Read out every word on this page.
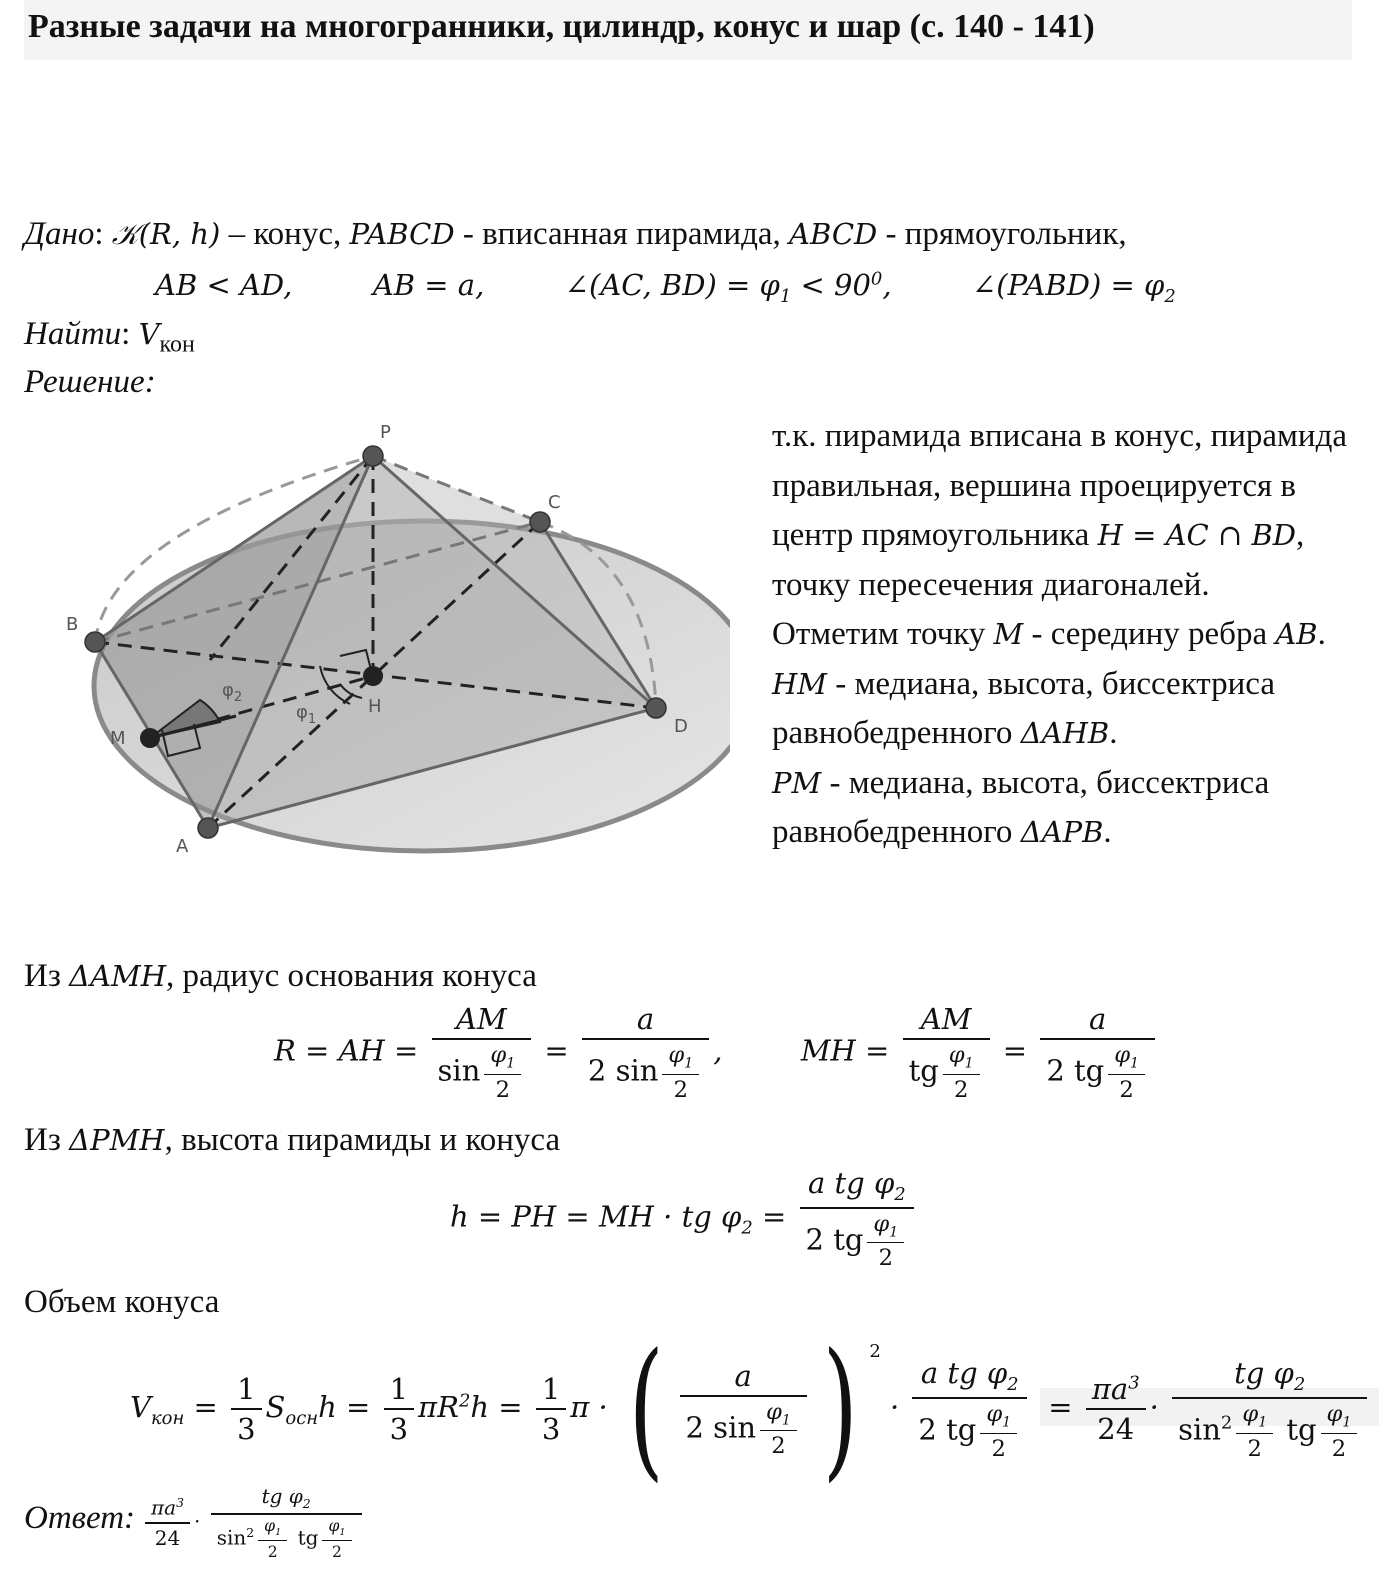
Разные задачи на многогранники, цилиндр, конус и шар (с. 140 - 141)
Дано: 𝒦(R, h) – конус, PABCD - вписанная пирамида, ABCD - прямоугольник,
AB < AD,	AB = a,	∠(AC, $BD) = \varphi_1 < 90^0$,	∠(PABD) = $\varphi_2$
Найти: $V_{кон}$
Решение:
P
B
C
D
A
M
H
$\varphi_2$
$\varphi_1$
т.к. пирамида вписана в конус, пирамида правильная, вершина проецируется в центр прямоугольника H = AC ∩ BD, точку пересечения диагоналей.
Отметим точку M - середину ребра AB.
HM - медиана, высота, биссектриса равнобедренного ΔAHB.
PM - медиана, высота, биссектриса равнобедренного ΔAPB.
Из ΔAMH, радиус основания конуса
R = AH = $\frac{AM}{\sin \frac{\varphi_1}{2}} = \frac{a}{2 \sin \frac{\varphi_1}{2}}$ ,	MH = $\frac{AM}{tg \frac{\varphi_1}{2}} = \frac{a}{2 tg \frac{\varphi_1}{2}}$
Из ΔPMH, высота пирамиды и конуса
h = PH = MH · tg $\varphi_2 = \frac{a tg \varphi_2}{2 tg \frac{\varphi_1}{2}}$
Объем конуса
$V_{кон} = \frac{1}{3} S_{осн}h = \frac{1}{3} \pi R^2h = \frac{1}{3}$ π · ( $\frac{a}{2 \sin \frac{\varphi_1}{2}}$ ) $^2 \cdot \frac{a tg \varphi_2}{2 tg \frac{\varphi_1}{2}} = \frac{\pi a^3}{24} \cdot \frac{tg \varphi_2}{\sin^2 \frac{\varphi_1}{2} tg \frac{\varphi_1}{2}}$
Ответ: $\frac{\pi a^3}{24} \cdot \frac{tg \varphi_2}{\sin^2 \frac{\varphi_1}{2} tg \frac{\varphi_1}{2}}$
